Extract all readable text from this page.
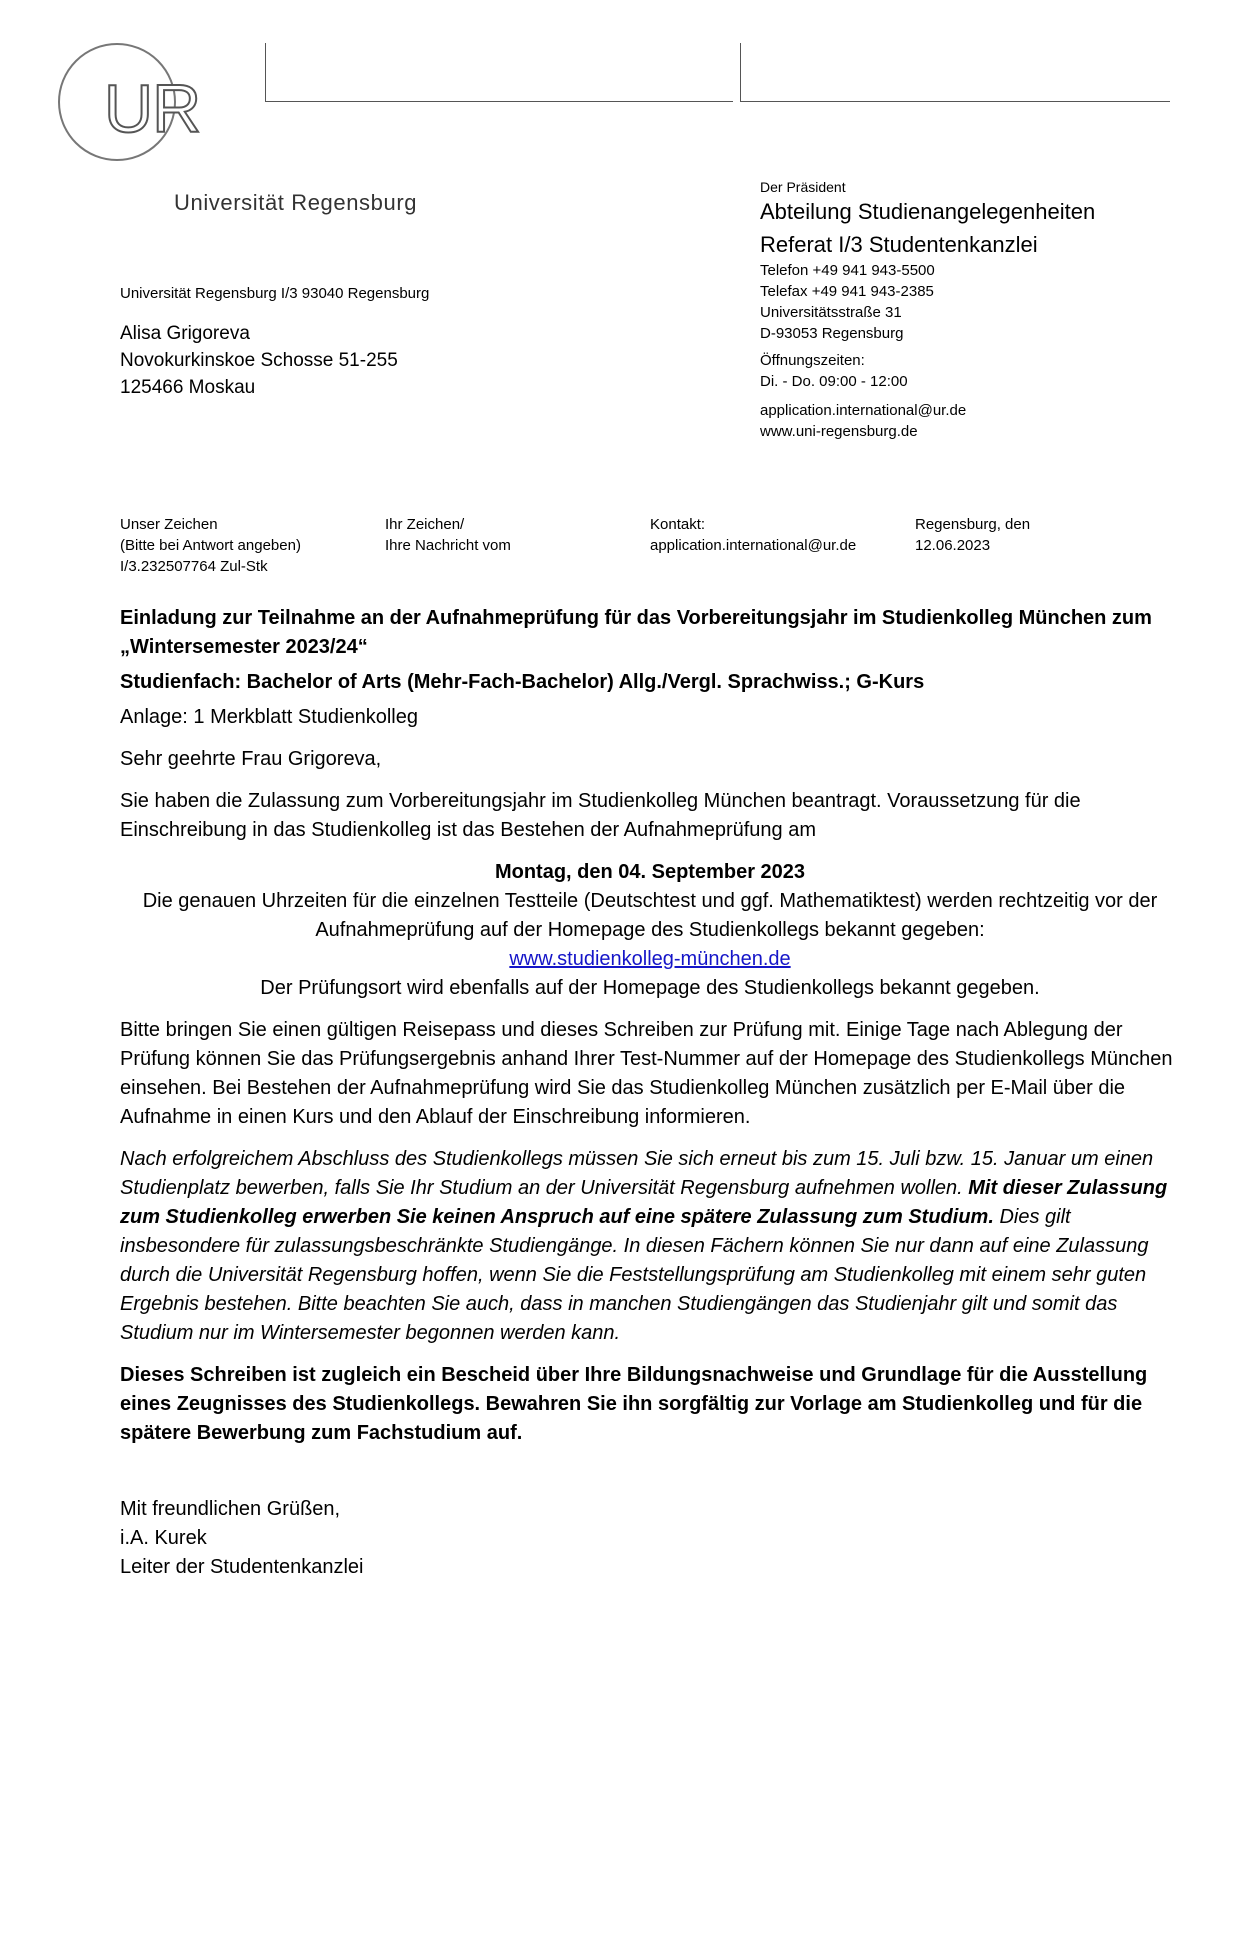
UR
Universität Regensburg
Der Präsident
Abteilung Studienangelegenheiten
Referat I/3 Studentenkanzlei
Telefon +49 941 943-5500
Telefax +49 941 943-2385
Universitätsstraße 31
D-93053 Regensburg
Öffnungszeiten:
Di. - Do. 09:00 - 12:00
application.international@ur.de
www.uni-regensburg.de
Universität Regensburg I/3 93040 Regensburg
Alisa Grigoreva
Novokurkinskoe Schosse 51-255
125466 Moskau
Unser Zeichen
(Bitte bei Antwort angeben)
I/3.232507764 Zul-Stk
Ihr Zeichen/
Ihre Nachricht vom
Kontakt:
application.international@ur.de
Regensburg, den
12.06.2023

Einladung zur Teilnahme an der Aufnahmeprüfung für das Vorbereitungsjahr im Studienkolleg München zum „Wintersemester 2023/24“

Studienfach: Bachelor of Arts (Mehr-Fach-Bachelor) Allg./Vergl. Sprachwiss.; G-Kurs

Anlage: 1 Merkblatt Studienkolleg

Sehr geehrte Frau Grigoreva,

Sie haben die Zulassung zum Vorbereitungsjahr im Studienkolleg München beantragt. Voraussetzung für die Einschreibung in das Studienkolleg ist das Bestehen der Aufnahmeprüfung am

Montag, den 04. September 2023
Die genauen Uhrzeiten für die einzelnen Testteile (Deutschtest und ggf. Mathematiktest) werden rechtzeitig vor der Aufnahmeprüfung auf der Homepage des Studienkollegs bekannt gegeben:
www.studienkolleg-münchen.de
Der Prüfungsort wird ebenfalls auf der Homepage des Studienkollegs bekannt gegeben.

Bitte bringen Sie einen gültigen Reisepass und dieses Schreiben zur Prüfung mit. Einige Tage nach Ablegung der Prüfung können Sie das Prüfungsergebnis anhand Ihrer Test-Nummer auf der Homepage des Studienkollegs München einsehen. Bei Bestehen der Aufnahmeprüfung wird Sie das Studienkolleg München zusätzlich per E-Mail über die Aufnahme in einen Kurs und den Ablauf der Einschreibung informieren.

Nach erfolgreichem Abschluss des Studienkollegs müssen Sie sich erneut bis zum 15. Juli bzw. 15. Januar um einen Studienplatz bewerben, falls Sie Ihr Studium an der Universität Regensburg aufnehmen wollen. Mit dieser Zulassung zum Studienkolleg erwerben Sie keinen Anspruch auf eine spätere Zulassung zum Studium. Dies gilt insbesondere für zulassungsbeschränkte Studiengänge. In diesen Fächern können Sie nur dann auf eine Zulassung durch die Universität Regensburg hoffen, wenn Sie die Feststellungsprüfung am Studienkolleg mit einem sehr guten Ergebnis bestehen. Bitte beachten Sie auch, dass in manchen Studiengängen das Studienjahr gilt und somit das Studium nur im Wintersemester begonnen werden kann.

Dieses Schreiben ist zugleich ein Bescheid über Ihre Bildungsnachweise und Grundlage für die Ausstellung eines Zeugnisses des Studienkollegs. Bewahren Sie ihn sorgfältig zur Vorlage am Studienkolleg und für die spätere Bewerbung zum Fachstudium auf.

Mit freundlichen Grüßen,

i.A. Kurek

Leiter der Studentenkanzlei
